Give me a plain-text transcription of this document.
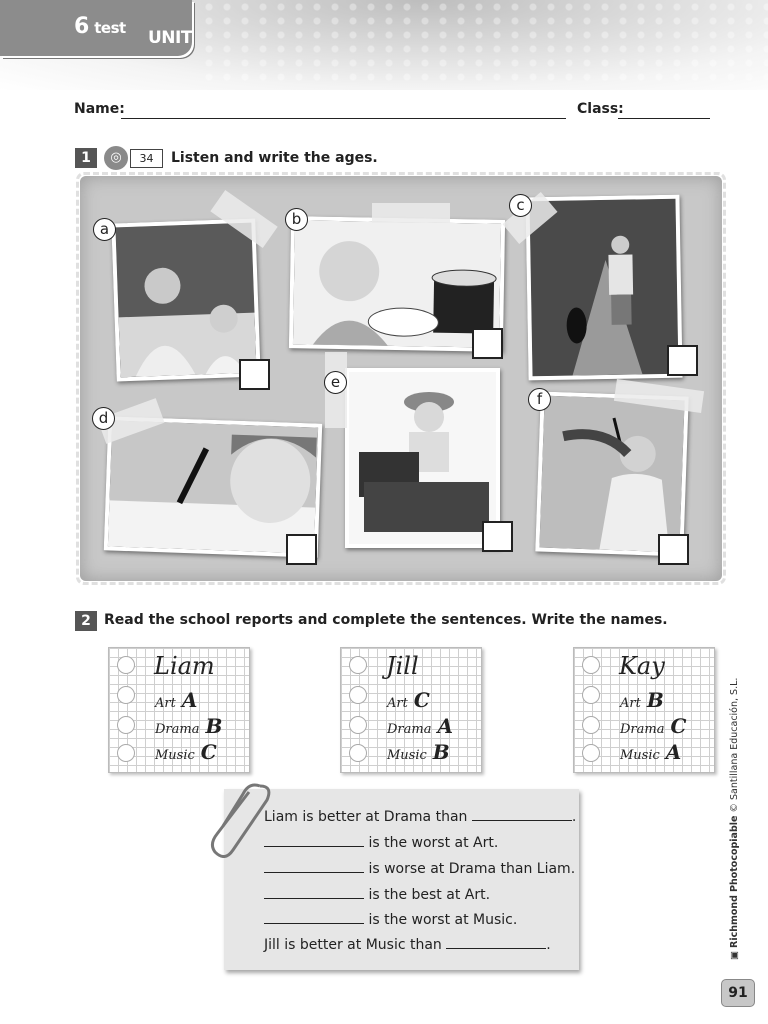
UNIT
6 test
Name:	Class:
1	◎	34	Listen and write the ages.
a
b
c
d
e
f
2 Read the school reports and complete the sentences. Write the names.
Liam
Art A
Drama B
Music C
Jill
Art C
Drama A
Music B
Kay
Art B
Drama C
Music A
Liam is better at Drama than	.
is the worst at Art.
is worse at Drama than Liam.
is the best at Art.
is the worst at Music.
Jill is better at Music than	.
▣ Richmond Photocopiable © Santillana Educación, S.L.
91
